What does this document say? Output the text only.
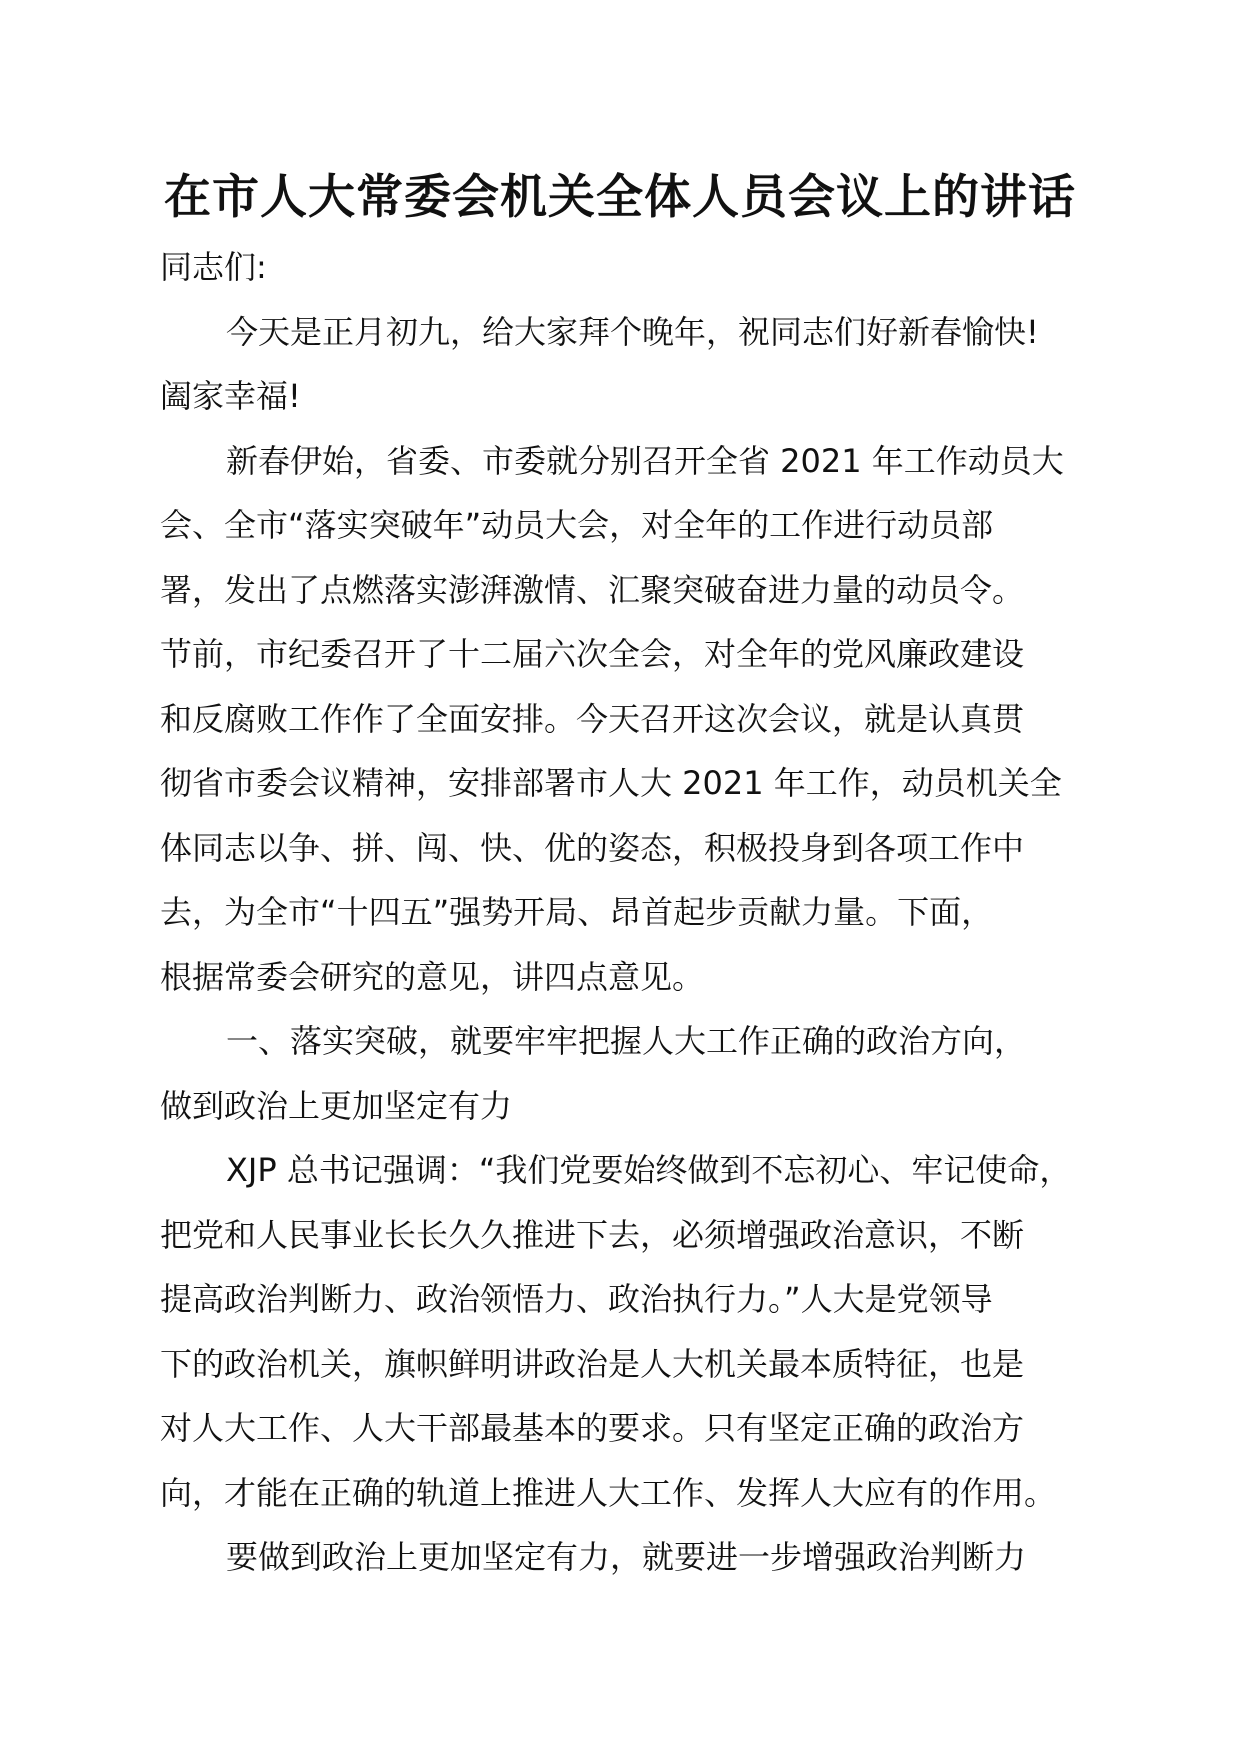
在市人大常委会机关全体人员会议上的讲话

同志们:

今天是正月初九，给大家拜个晚年，祝同志们好新春愉快!

阖家幸福!

新春伊始，省委、市委就分别召开全省 2021 年工作动员大

会、全市“落实突破年”动员大会，对全年的工作进行动员部

署，发出了点燃落实澎湃激情、汇聚突破奋进力量的动员令。

节前，市纪委召开了十二届六次全会，对全年的党风廉政建设

和反腐败工作作了全面安排。今天召开这次会议，就是认真贯

彻省市委会议精神，安排部署市人大 2021 年工作，动员机关全

体同志以争、拼、闯、快、优的姿态，积极投身到各项工作中

去，为全市“十四五”强势开局、昂首起步贡献力量。下面，

根据常委会研究的意见，讲四点意见。

一、落实突破，就要牢牢把握人大工作正确的政治方向，

做到政治上更加坚定有力

XJP 总书记强调：“我们党要始终做到不忘初心、牢记使命，

把党和人民事业长长久久推进下去，必须增强政治意识，不断

提高政治判断力、政治领悟力、政治执行力。”人大是党领导

下的政治机关，旗帜鲜明讲政治是人大机关最本质特征，也是

对人大工作、人大干部最基本的要求。只有坚定正确的政治方

向，才能在正确的轨道上推进人大工作、发挥人大应有的作用。

要做到政治上更加坚定有力，就要进一步增强政治判断力
